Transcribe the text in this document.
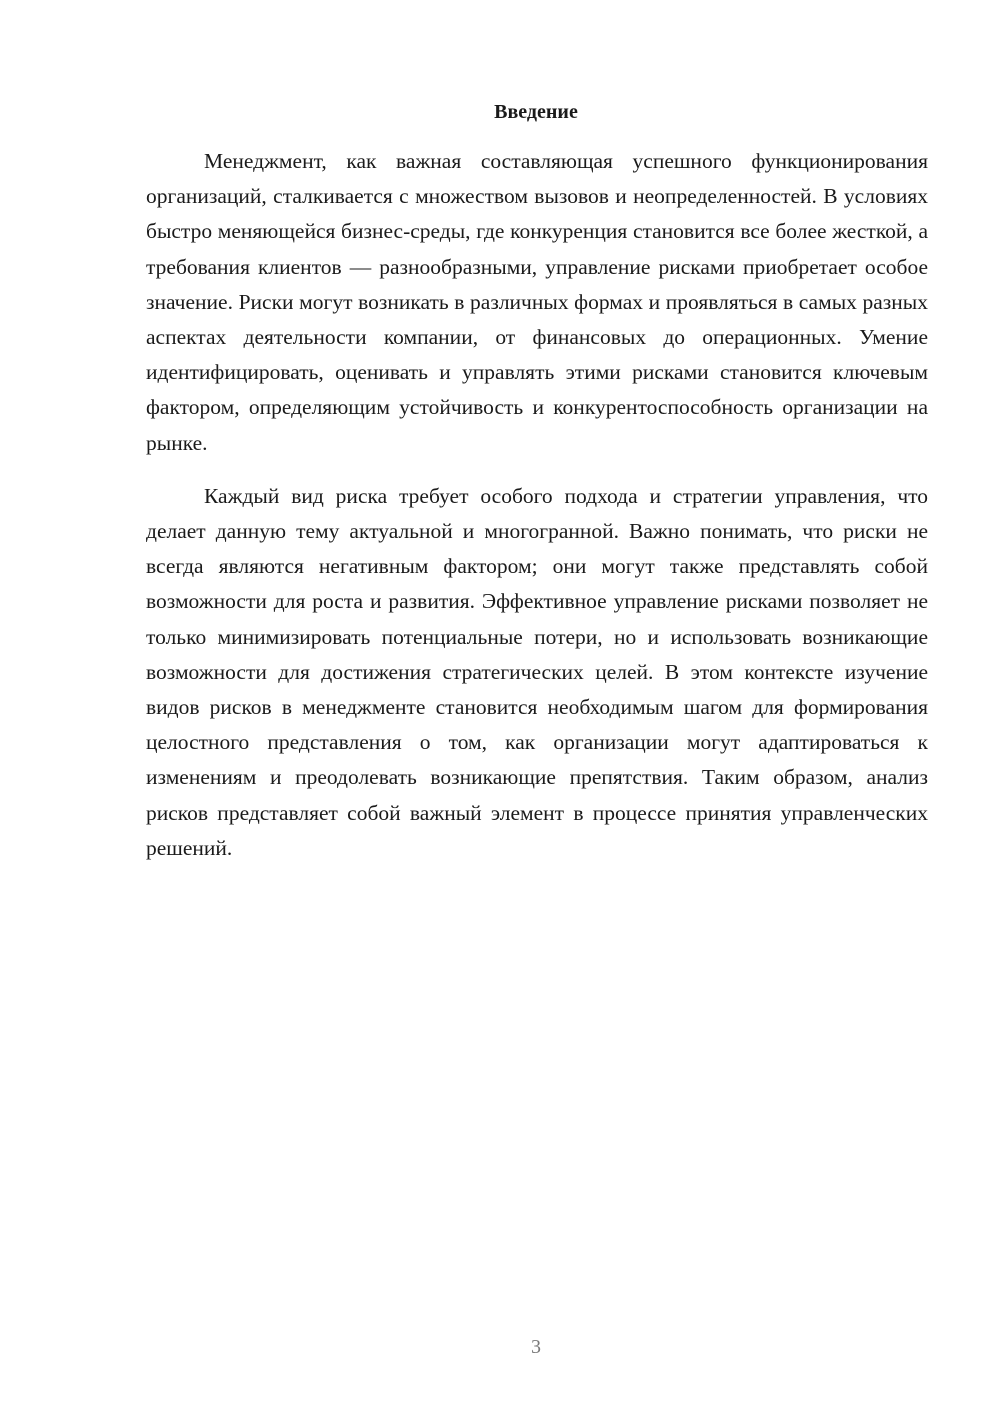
Введение

Менеджмент, как важная составляющая успешного функционирования организаций, сталкивается с множеством вызовов и неопределенностей. В условиях быстро меняющейся бизнес-среды, где конкуренция становится все более жесткой, а требования клиентов — разнообразными, управление рисками приобретает особое значение. Риски могут возникать в различных формах и проявляться в самых разных аспектах деятельности компании, от финансовых до операционных. Умение идентифицировать, оценивать и управлять этими рисками становится ключевым фактором, определяющим устойчивость и конкурентоспособность организации на рынке.

Каждый вид риска требует особого подхода и стратегии управления, что делает данную тему актуальной и многогранной. Важно понимать, что риски не всегда являются негативным фактором; они могут также представлять собой возможности для роста и развития. Эффективное управление рисками позволяет не только минимизировать потенциальные потери, но и использовать возникающие возможности для достижения стратегических целей. В этом контексте изучение видов рисков в менеджменте становится необходимым шагом для формирования целостного представления о том, как организации могут адаптироваться к изменениям и преодолевать возникающие препятствия. Таким образом, анализ рисков представляет собой важный элемент в процессе принятия управленческих решений.

3
